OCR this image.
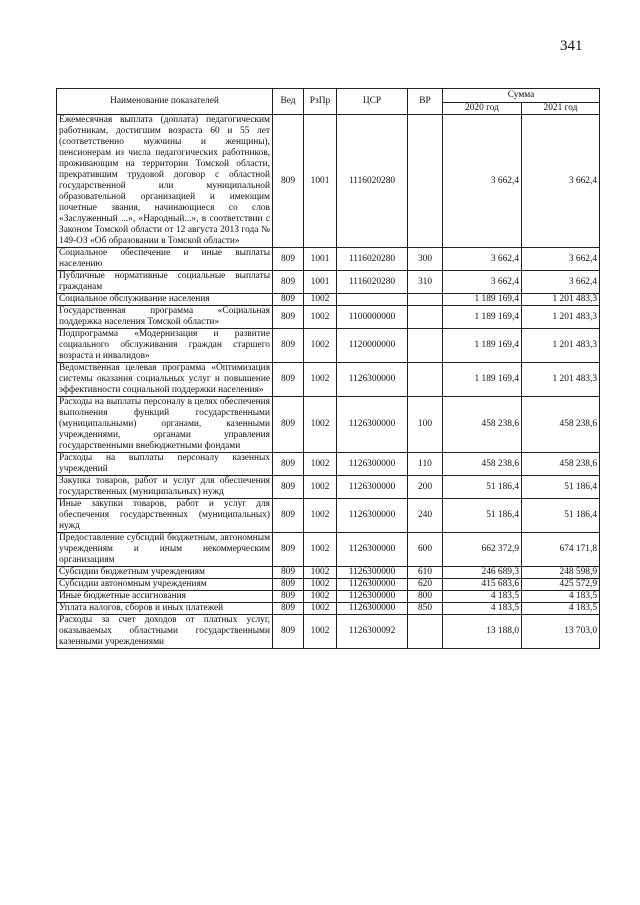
341
Наименование показателей	Вед	РзПр	ЦСР	ВР	Сумма	
					2020 год	2021 год
Ежемесячная выплата (доплата) педагогическим работникам, достигшим возраста 60 и 55 лет (соответственно мужчины и женщины), пенсионерам из числа педагогических работников, проживающим на территории Томской области, прекратившим трудовой договор с областной государственной или муниципальной образовательной организацией и имеющим почетные звания, начинающиеся со слов «Заслуженный ...», «Народный...», в соответствии с Законом Томской области от 12 августа 2013 года № 149-ОЗ «Об образовании в Томской области»	809	1001	1116020280		3 662,4	3 662,4
Социальное обеспечение и иные выплаты населению	809	1001	1116020280	300	3 662,4	3 662,4
Публичные нормативные социальные выплаты гражданам	809	1001	1116020280	310	3 662,4	3 662,4
Социальное обслуживание населения	809	1002			1 189 169,4	1 201 483,3
Государственная программа «Социальная поддержка населения Томской области»	809	1002	1100000000		1 189 169,4	1 201 483,3
Подпрограмма «Модернизация и развитие социального обслуживания граждан старшего возраста и инвалидов»	809	1002	1120000000		1 189 169,4	1 201 483,3
Ведомственная целевая программа «Оптимизация системы оказания социальных услуг и повышение эффективности социальной поддержки населения»	809	1002	1126300000		1 189 169,4	1 201 483,3
Расходы на выплаты персоналу в целях обеспечения выполнения функций государственными (муниципальными) органами, казенными учреждениями, органами управления государственными внебюджетными фондами	809	1002	1126300000	100	458 238,6	458 238,6
Расходы на выплаты персоналу казенных учреждений	809	1002	1126300000	110	458 238,6	458 238,6
Закупка товаров, работ и услуг для обеспечения государственных (муниципальных) нужд	809	1002	1126300000	200	51 186,4	51 186,4
Иные закупки товаров, работ и услуг для обеспечения государственных (муниципальных) нужд	809	1002	1126300000	240	51 186,4	51 186,4
Предоставление субсидий бюджетным, автономным учреждениям и иным некоммерческим организациям	809	1002	1126300000	600	662 372,9	674 171,8
Субсидии бюджетным учреждениям	809	1002	1126300000	610	246 689,3	248 598,9
Субсидии автономным учреждениям	809	1002	1126300000	620	415 683,6	425 572,9
Иные бюджетные ассигнования	809	1002	1126300000	800	4 183,5	4 183,5
Уплата налогов, сборов и иных платежей	809	1002	1126300000	850	4 183,5	4 183,5
Расходы за счет доходов от платных услуг, оказываемых областными государственными казенными учреждениями	809	1002	1126300092		13 188,0	13 703,0
